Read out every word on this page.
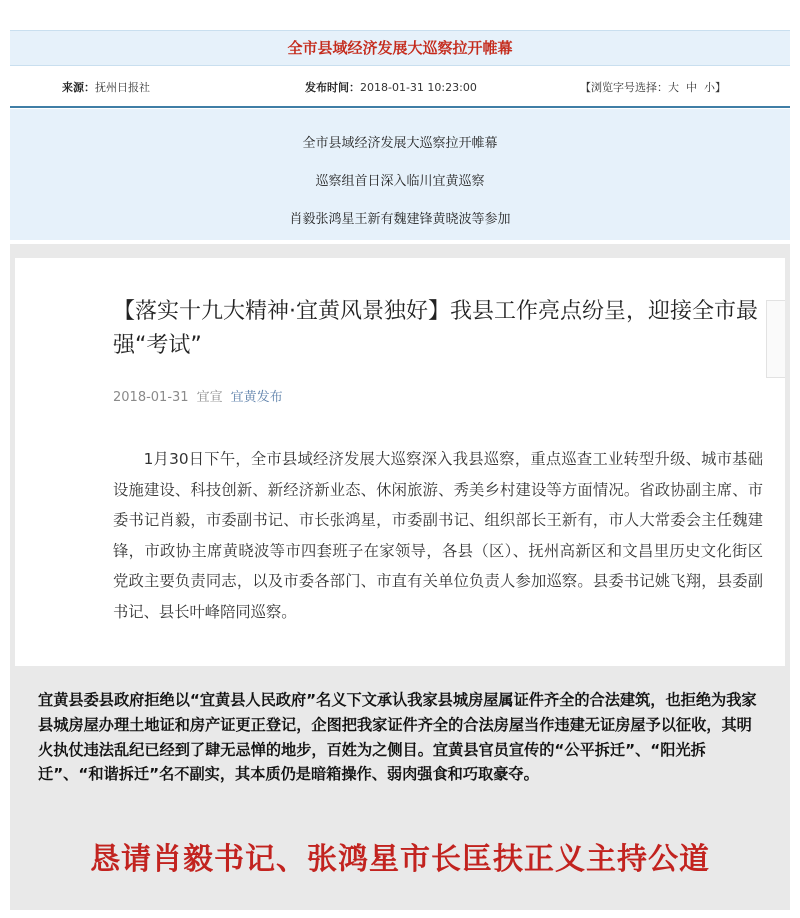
全市县域经济发展大巡察拉开帷幕
来源：抚州日报社	发布时间：2018-01-31 10:23:00	【浏览字号选择：大 中 小】
全市县域经济发展大巡察拉开帷幕
巡察组首日深入临川宜黄巡察
肖毅张鸿星王新有魏建锋黄晓波等参加
【落实十九大精神·宜黄风景独好】我县工作亮点纷呈，迎接全市最强“考试”
2018-01-31 宜宣 宜黄发布
1月30日下午，全市县域经济发展大巡察深入我县巡察，重点巡查工业转型升级、城市基础设施建设、科技创新、新经济新业态、休闲旅游、秀美乡村建设等方面情况。省政协副主席、市委书记肖毅，市委副书记、市长张鸿星，市委副书记、组织部长王新有，市人大常委会主任魏建锋，市政协主席黄晓波等市四套班子在家领导，各县（区）、抚州高新区和文昌里历史文化街区党政主要负责同志，以及市委各部门、市直有关单位负责人参加巡察。县委书记姚飞翔，县委副书记、县长叶峰陪同巡察。
宜黄县委县政府拒绝以“宜黄县人民政府”名义下文承认我家县城房屋属证件齐全的合法建筑，也拒绝为我家县城房屋办理土地证和房产证更正登记，企图把我家证件齐全的合法房屋当作违建无证房屋予以征收，其明火执仗违法乱纪已经到了肆无忌惮的地步，百姓为之侧目。宜黄县官员宣传的“公平拆迁”、“阳光拆迁”、“和谐拆迁”名不副实，其本质仍是暗箱操作、弱肉强食和巧取豪夺。
恳请肖毅书记、张鸿星市长匡扶正义主持公道
